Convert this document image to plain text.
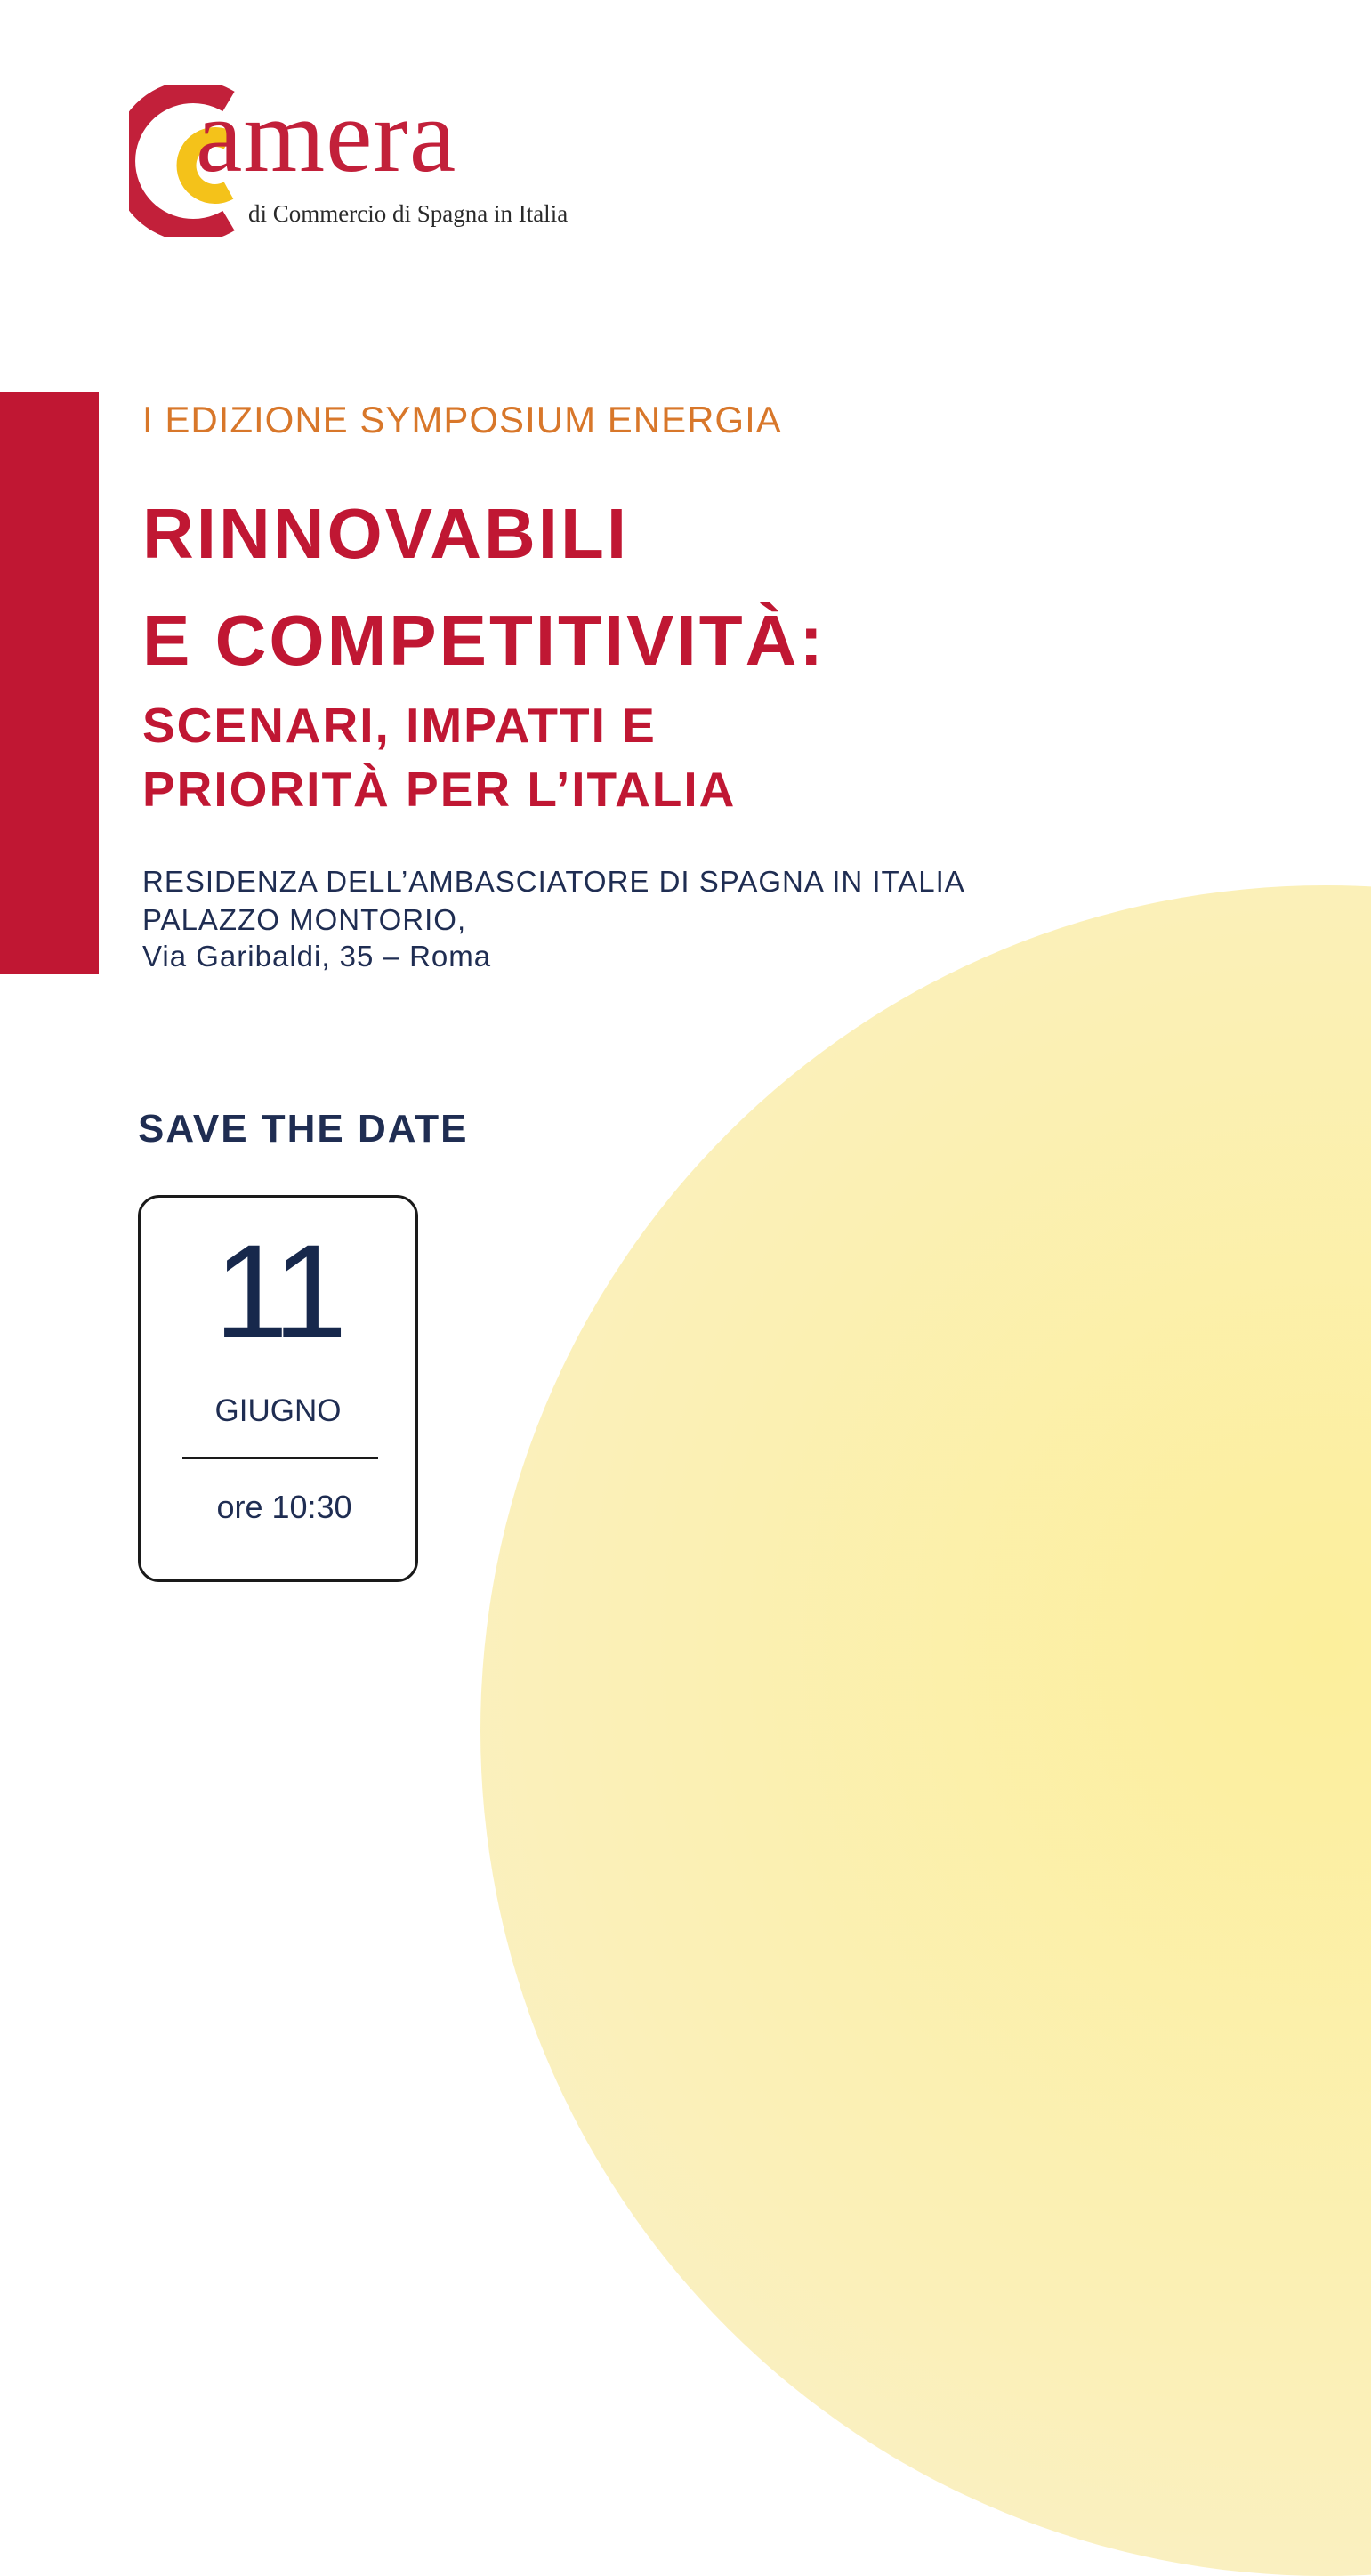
amera
di Commercio di Spagna in Italia
I EDIZIONE SYMPOSIUM ENERGIA
RINNOVABILI
E COMPETITIVITÀ:
SCENARI, IMPATTI E
PRIORITÀ PER L’ITALIA
RESIDENZA DELL’AMBASCIATORE DI SPAGNA IN ITALIA
PALAZZO MONTORIO,
Via Garibaldi, 35 – Roma
SAVE THE DATE
11
GIUGNO
ore 10:30
